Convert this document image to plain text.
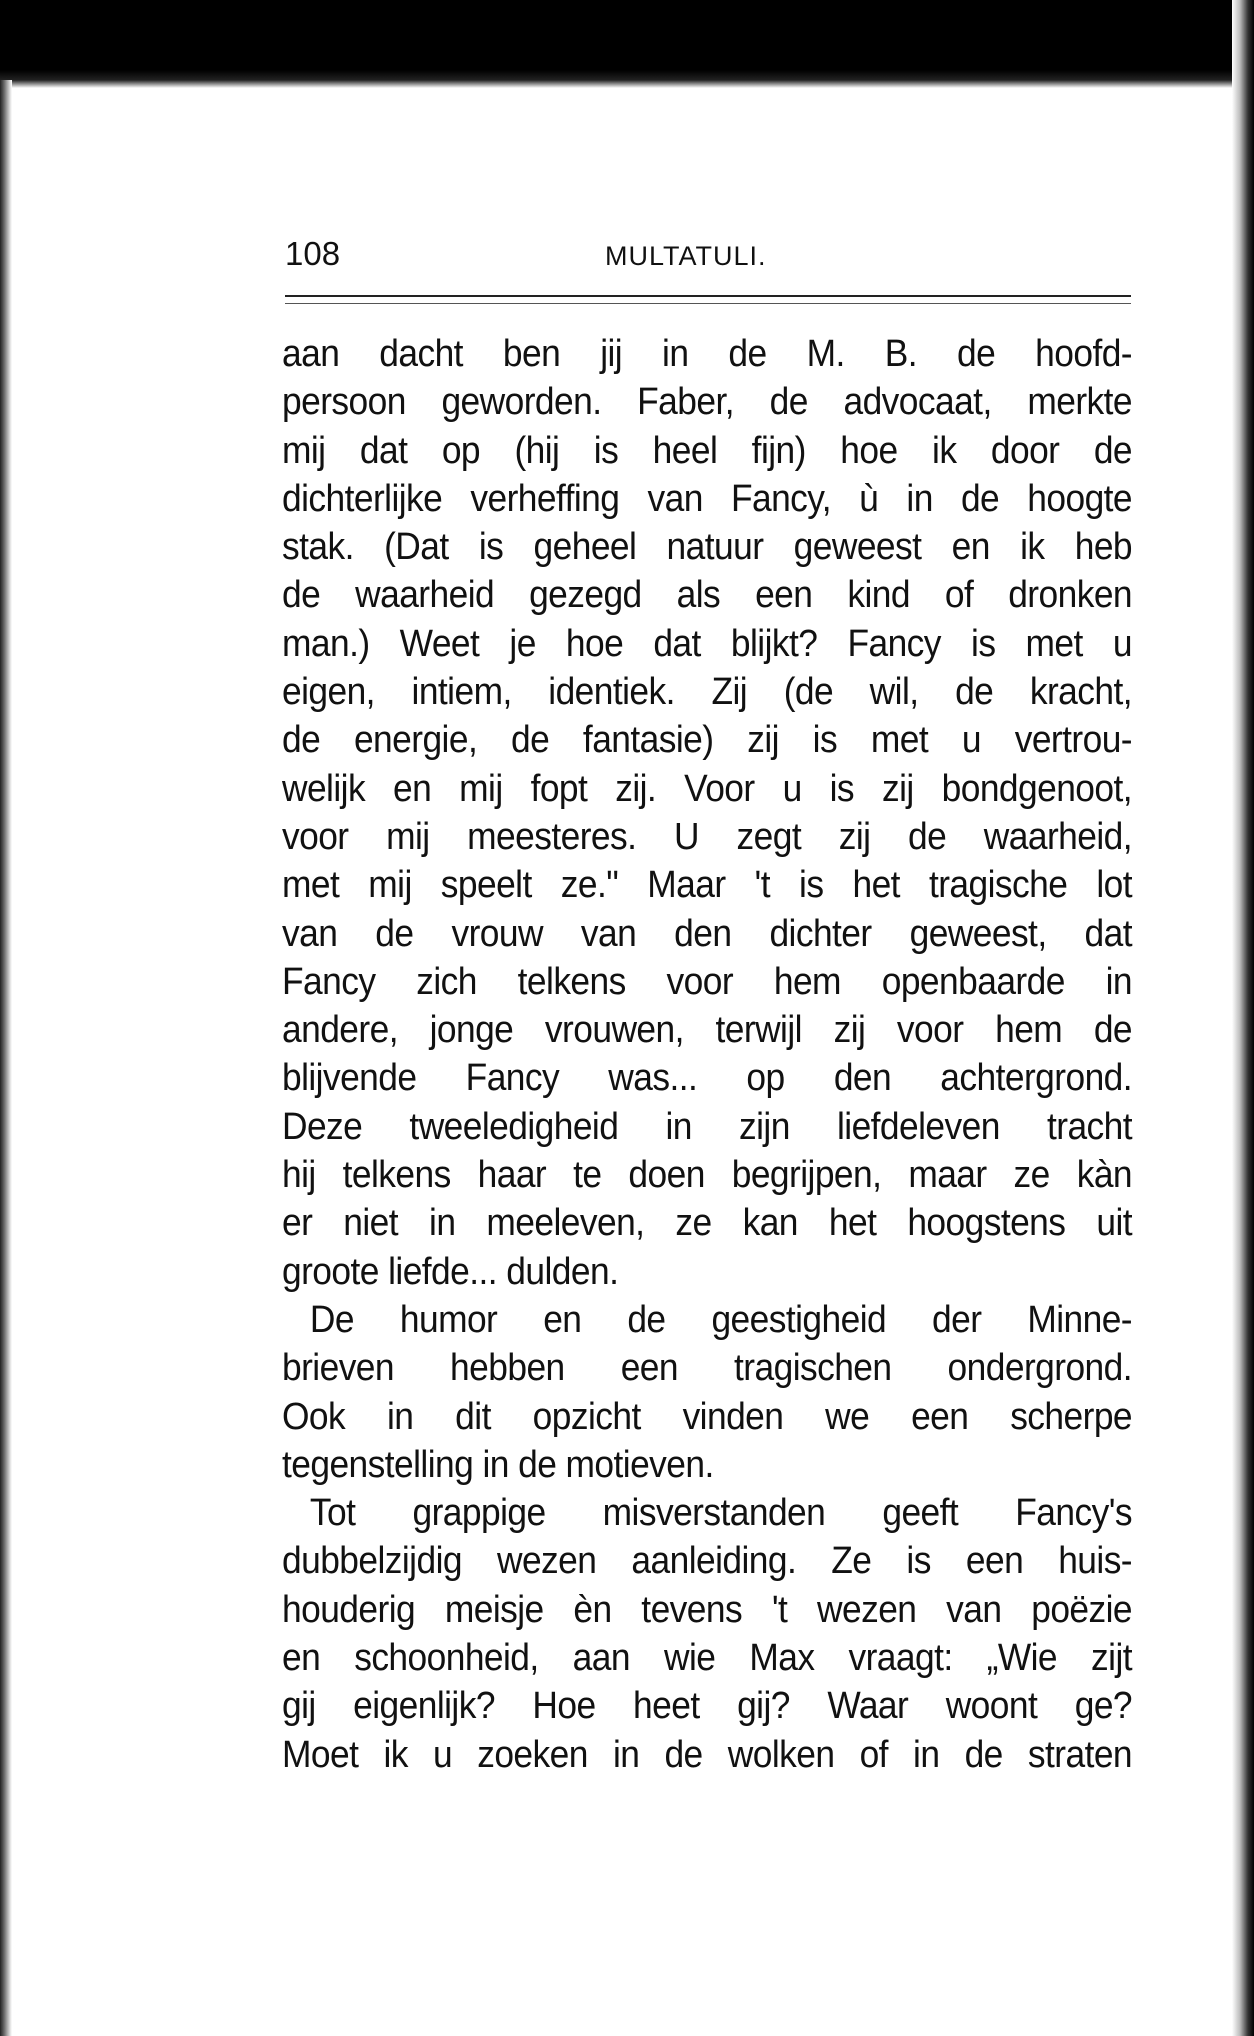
108	MULTATULI.
aan dacht ben jij in de M. B. de hoofd-
persoon geworden. Faber, de advocaat, merkte
mij dat op (hij is heel fijn) hoe ik door de
dichterlijke verheffing van Fancy, ù in de hoogte
stak. (Dat is geheel natuur geweest en ik heb
de waarheid gezegd als een kind of dronken
man.) Weet je hoe dat blijkt? Fancy is met u
eigen, intiem, identiek. Zij (de wil, de kracht,
de energie, de fantasie) zij is met u vertrou-
welijk en mij fopt zij. Voor u is zij bondgenoot,
voor mij meesteres. U zegt zij de waarheid,
met mij speelt ze." Maar 't is het tragische lot
van de vrouw van den dichter geweest, dat
Fancy zich telkens voor hem openbaarde in
andere, jonge vrouwen, terwijl zij voor hem de
blijvende Fancy was... op den achtergrond.
Deze tweeledigheid in zijn liefdeleven tracht
hij telkens haar te doen begrijpen, maar ze kàn
er niet in meeleven, ze kan het hoogstens uit
groote liefde... dulden.
De humor en de geestigheid der Minne-
brieven hebben een tragischen ondergrond.
Ook in dit opzicht vinden we een scherpe
tegenstelling in de motieven.
Tot grappige misverstanden geeft Fancy's
dubbelzijdig wezen aanleiding. Ze is een huis-
houderig meisje èn tevens 't wezen van poëzie
en schoonheid, aan wie Max vraagt: „Wie zijt
gij eigenlijk? Hoe heet gij? Waar woont ge?
Moet ik u zoeken in de wolken of in de straten
